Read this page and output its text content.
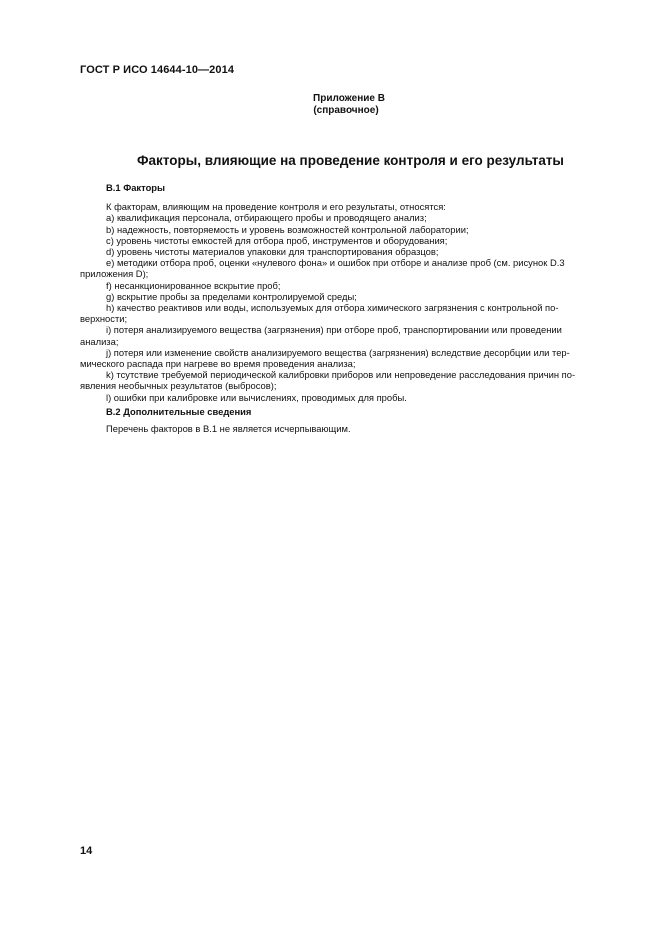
ГОСТ Р ИСО 14644-10—2014
Приложение В
(справочное)
Факторы, влияющие на проведение контроля и его результаты

В.1 Факторы

К факторам, влияющим на проведение контроля и его результаты, относятся:

а) квалификация персонала, отбирающего пробы и проводящего анализ;

b) надежность, повторяемость и уровень возможностей контрольной лаборатории;

с) уровень чистоты емкостей для отбора проб, инструментов и оборудования;

d) уровень чистоты материалов упаковки для транспортирования образцов;

е) методики отбора проб, оценки «нулевого фона» и ошибок при отборе и анализе проб (см. рисунок D.3
приложения D);

f) несанкционированное вскрытие проб;

g) вскрытие пробы за пределами контролируемой среды;

h) качество реактивов или воды, используемых для отбора химического загрязнения с контрольной по-
верхности;

i) потеря анализируемого вещества (загрязнения) при отборе проб, транспортировании или проведении
анализа;

j) потеря или изменение свойств анализируемого вещества (загрязнения) вследствие десорбции или тер-
мического распада при нагреве во время проведения анализа;

k) тсутствие требуемой периодической калибровки приборов или непроведение расследования причин по-
явления необычных результатов (выбросов);

l) ошибки при калибровке или вычислениях, проводимых для пробы.

В.2 Дополнительные сведения

Перечень факторов в В.1 не является исчерпывающим.

14
